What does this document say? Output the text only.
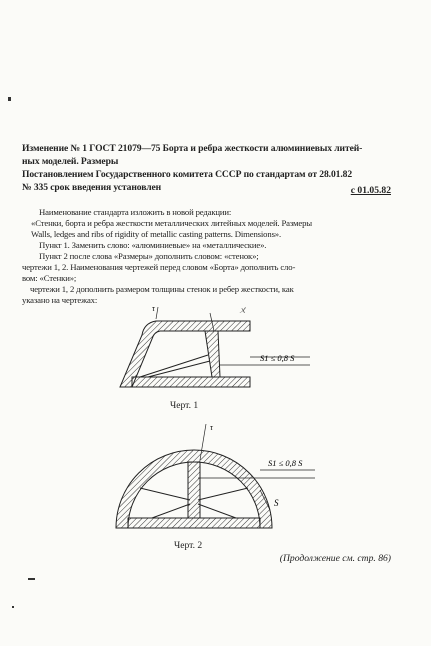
Изменение № 1 ГОСТ 21079—75 Борта и ребра жесткости алюминиевых литей-
ных моделей. Размеры
Постановлением Государственного комитета СССР по стандартам от 28.01.82
№ 335 срок введения установлен	с 01.05.82
Наименование стандарта изложить в новой редакции:
«Стенки, борта и ребра жесткости металлических литейных моделей. Размеры
Walls, ledges and ribs of rigidity of metallic casting patterns. Dimensions».
Пункт 1. Заменить слово: «алюминиевые» на «металлические».
Пункт 2 после слова «Размеры» дополнить словом: «стенок»;
чертежи 1, 2. Наименования чертежей перед словом «Борта» дополнить сло-
вом: «Стенки»;
чертежи 1, 2 дополнить размером толщины стенок и ребер жесткости, как
указано на чертежах:
ㄨ
τ
S1 ≤ 0,8 S
Черт. 1
τ
S1 ≤ 0,8 S
S
Черт. 2
(Продолжение см. стр. 86)
